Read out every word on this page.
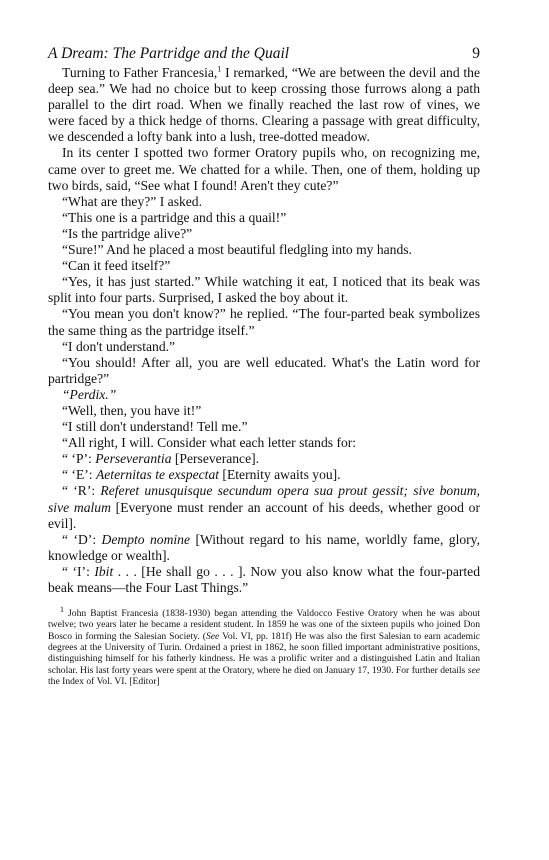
A Dream: The Partridge and the Quail	9

Turning to Father Francesia,$^1$ I remarked, “We are between the devil and the deep sea.” We had no choice but to keep crossing those furrows along a path parallel to the dirt road. When we finally reached the last row of vines, we were faced by a thick hedge of thorns. Clearing a passage with great difficulty, we descended a lofty bank into a lush, tree-dotted meadow.

In its center I spotted two former Oratory pupils who, on recognizing me, came over to greet me. We chatted for a while. Then, one of them, holding up two birds, said, “See what I found! Aren't they cute?”

“What are they?” I asked.

“This one is a partridge and this a quail!”

“Is the partridge alive?”

“Sure!” And he placed a most beautiful fledgling into my hands.

“Can it feed itself?”

“Yes, it has just started.” While watching it eat, I noticed that its beak was split into four parts. Surprised, I asked the boy about it.

“You mean you don't know?” he replied. “The four-parted beak symbolizes the same thing as the partridge itself.”

“I don't understand.”

“You should! After all, you are well educated. What's the Latin word for partridge?”

“Perdix.”

“Well, then, you have it!”

“I still don't understand! Tell me.”

“All right, I will. Consider what each letter stands for:

“ ‘P’: Perseverantia [Perseverance].

“ ‘E’: Aeternitas te exspectat [Eternity awaits you].

“ ‘R’: Referet unusquisque secundum opera sua prout gessit; sive bonum, sive malum [Everyone must render an account of his deeds, whether good or evil].

“ ‘D’: Dempto nomine [Without regard to his name, worldly fame, glory, knowledge or wealth].

“ ‘I’: Ibit . . . [He shall go . . . ]. Now you also know what the four-parted beak means—the Four Last Things.”

$^1$ John Baptist Francesia (1838-1930) began attending the Valdocco Festive Oratory when he was about twelve; two years later he became a resident student. In 1859 he was one of the sixteen pupils who joined Don Bosco in forming the Salesian Society. (See Vol. VI, pp. 181f) He was also the first Salesian to earn academic degrees at the University of Turin. Ordained a priest in 1862, he soon filled important administrative positions, distinguishing himself for his fatherly kindness. He was a prolific writer and a distinguished Latin and Italian scholar. His last forty years were spent at the Oratory, where he died on January 17, 1930. For further details see the Index of Vol. VI. [Editor]
